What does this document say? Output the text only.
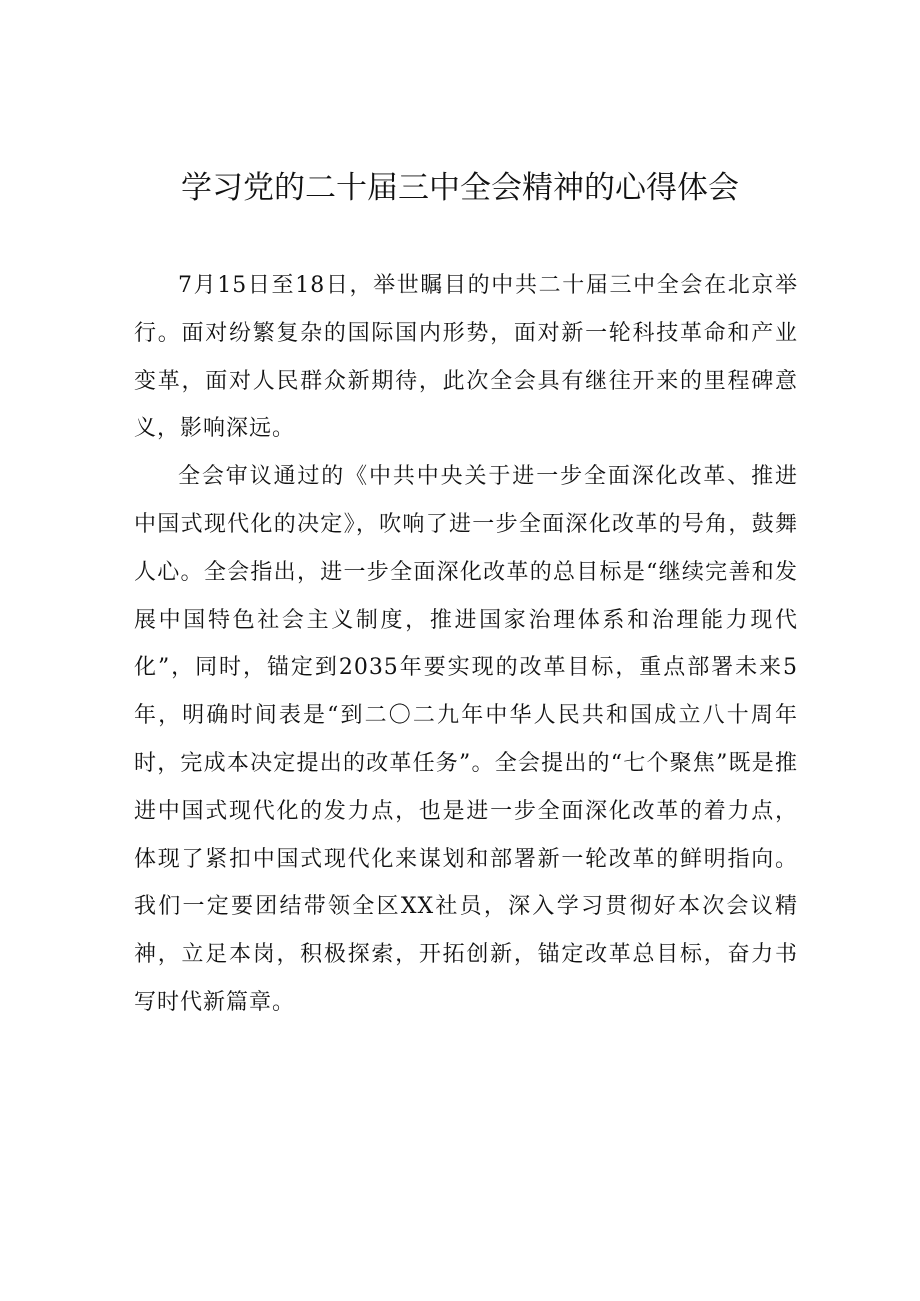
学习党的二十届三中全会精神的心得体会

7月15日至18日，举世瞩目的中共二十届三中全会在北京举行。面对纷繁复杂的国际国内形势，面对新一轮科技革命和产业变革，面对人民群众新期待，此次全会具有继往开来的里程碑意义，影响深远。

全会审议通过的《中共中央关于进一步全面深化改革、推进中国式现代化的决定》，吹响了进一步全面深化改革的号角，鼓舞人心。全会指出，进一步全面深化改革的总目标是“继续完善和发展中国特色社会主义制度，推进国家治理体系和治理能力现代化”，同时，锚定到2035年要实现的改革目标，重点部署未来5年，明确时间表是“到二〇二九年中华人民共和国成立八十周年时，完成本决定提出的改革任务”。全会提出的“七个聚焦”既是推进中国式现代化的发力点，也是进一步全面深化改革的着力点，体现了紧扣中国式现代化来谋划和部署新一轮改革的鲜明指向。我们一定要团结带领全区XX社员，深入学习贯彻好本次会议精神，立足本岗，积极探索，开拓创新，锚定改革总目标，奋力书写时代新篇章。
